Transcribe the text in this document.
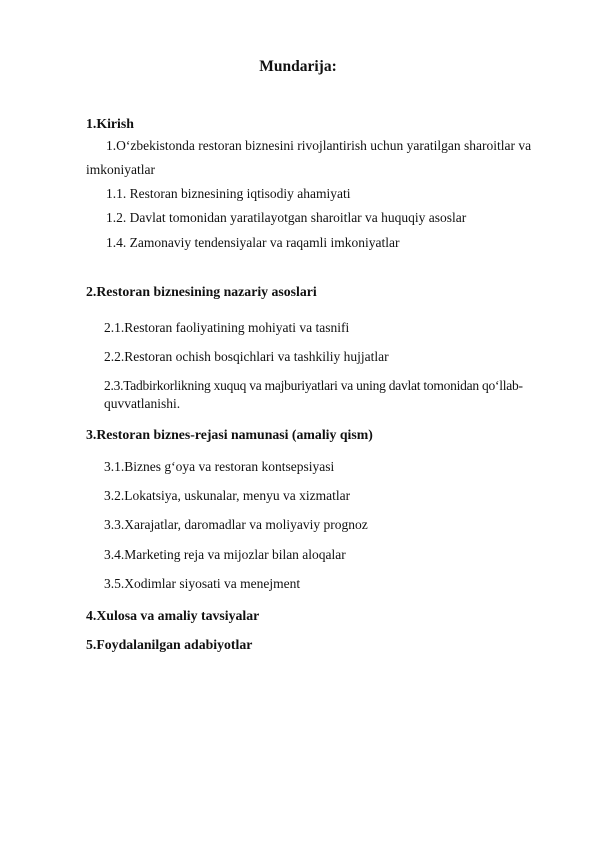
Mundarija:
1.Kirish
1.O‘zbekistonda restoran biznesini rivojlantirish uchun yaratilgan sharoitlar va
imkoniyatlar
1.1. Restoran biznesining iqtisodiy ahamiyati
1.2. Davlat tomonidan yaratilayotgan sharoitlar va huquqiy asoslar
1.4. Zamonaviy tendensiyalar va raqamli imkoniyatlar
2.Restoran biznesining nazariy asoslari
2.1.Restoran faoliyatining mohiyati va tasnifi
2.2.Restoran ochish bosqichlari va tashkiliy hujjatlar
2.3.Tadbirkorlikning xuquq va majburiyatlari va uning davlat tomonidan qo‘llab-
quvvatlanishi.
3.Restoran biznes-rejasi namunasi (amaliy qism)
3.1.Biznes g‘oya va restoran kontsepsiyasi
3.2.Lokatsiya, uskunalar, menyu va xizmatlar
3.3.Xarajatlar, daromadlar va moliyaviy prognoz
3.4.Marketing reja va mijozlar bilan aloqalar
3.5.Xodimlar siyosati va menejment
4.Xulosa va amaliy tavsiyalar
5.Foydalanilgan adabiyotlar
